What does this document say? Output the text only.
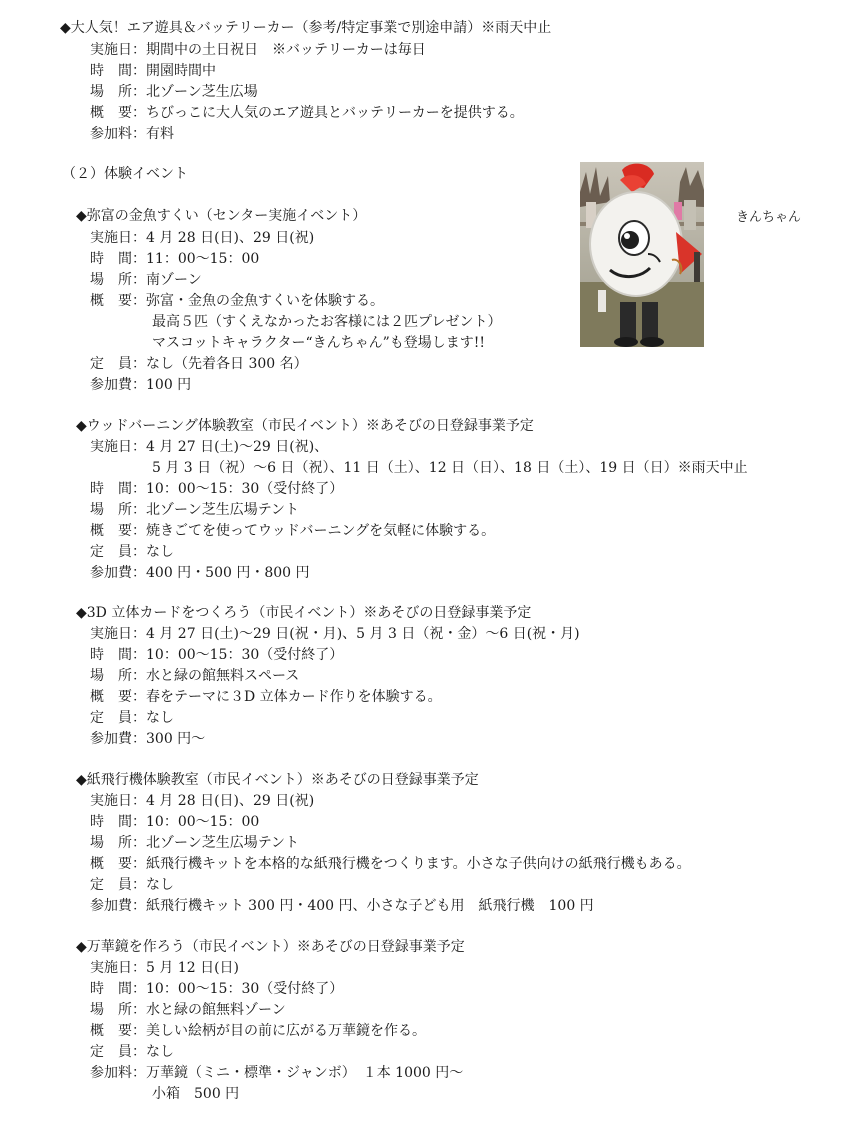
◆大人気！エア遊具＆バッテリーカー（参考/特定事業で別途申請）※雨天中止
実施日：期間中の土日祝日　※バッテリーカーは毎日
時　間：開園時間中
場　所：北ゾーン芝生広場
概　要：ちびっこに大人気のエア遊具とバッテリーカーを提供する。
参加料：有料
（２）体験イベント
◆弥富の金魚すくい（センター実施イベント）
実施日：4 月 28 日(日)、29 日(祝)
時　間：11：00〜15：00
場　所：南ゾーン
概　要：弥富・金魚の金魚すくいを体験する。
最高５匹（すくえなかったお客様には２匹プレゼント）
マスコットキャラクター“きんちゃん”も登場します!!
定　員：なし（先着各日 300 名）
参加費：100 円
◆ウッドバーニング体験教室（市民イベント）※あそびの日登録事業予定
実施日：4 月 27 日(土)〜29 日(祝)、
5 月 3 日（祝）〜6 日（祝）、11 日（土）、12 日（日）、18 日（土）、19 日（日）※雨天中止
時　間：10：00〜15：30（受付終了）
場　所：北ゾーン芝生広場テント
概　要：焼きごてを使ってウッドバーニングを気軽に体験する。
定　員：なし
参加費：400 円・500 円・800 円
◆3D 立体カードをつくろう（市民イベント）※あそびの日登録事業予定
実施日：4 月 27 日(土)〜29 日(祝・月)、5 月 3 日（祝・金）〜6 日(祝・月)
時　間：10：00〜15：30（受付終了）
場　所：水と緑の館無料スペース
概　要：春をテーマに３D 立体カード作りを体験する。
定　員：なし
参加費：300 円〜
◆紙飛行機体験教室（市民イベント）※あそびの日登録事業予定
実施日：4 月 28 日(日)、29 日(祝)
時　間：10：00〜15：00
場　所：北ゾーン芝生広場テント
概　要：紙飛行機キットを本格的な紙飛行機をつくります。小さな子供向けの紙飛行機もある。
定　員：なし
参加費：紙飛行機キット 300 円・400 円、小さな子ども用　紙飛行機　100 円
◆万華鏡を作ろう（市民イベント）※あそびの日登録事業予定
実施日：5 月 12 日(日)
時　間：10：00〜15：30（受付終了）
場　所：水と緑の館無料ゾーン
概　要：美しい絵柄が目の前に広がる万華鏡を作る。
定　員：なし
参加料：万華鏡（ミニ・標準・ジャンボ）　１本 1000 円〜
小箱　500 円
きんちゃん
